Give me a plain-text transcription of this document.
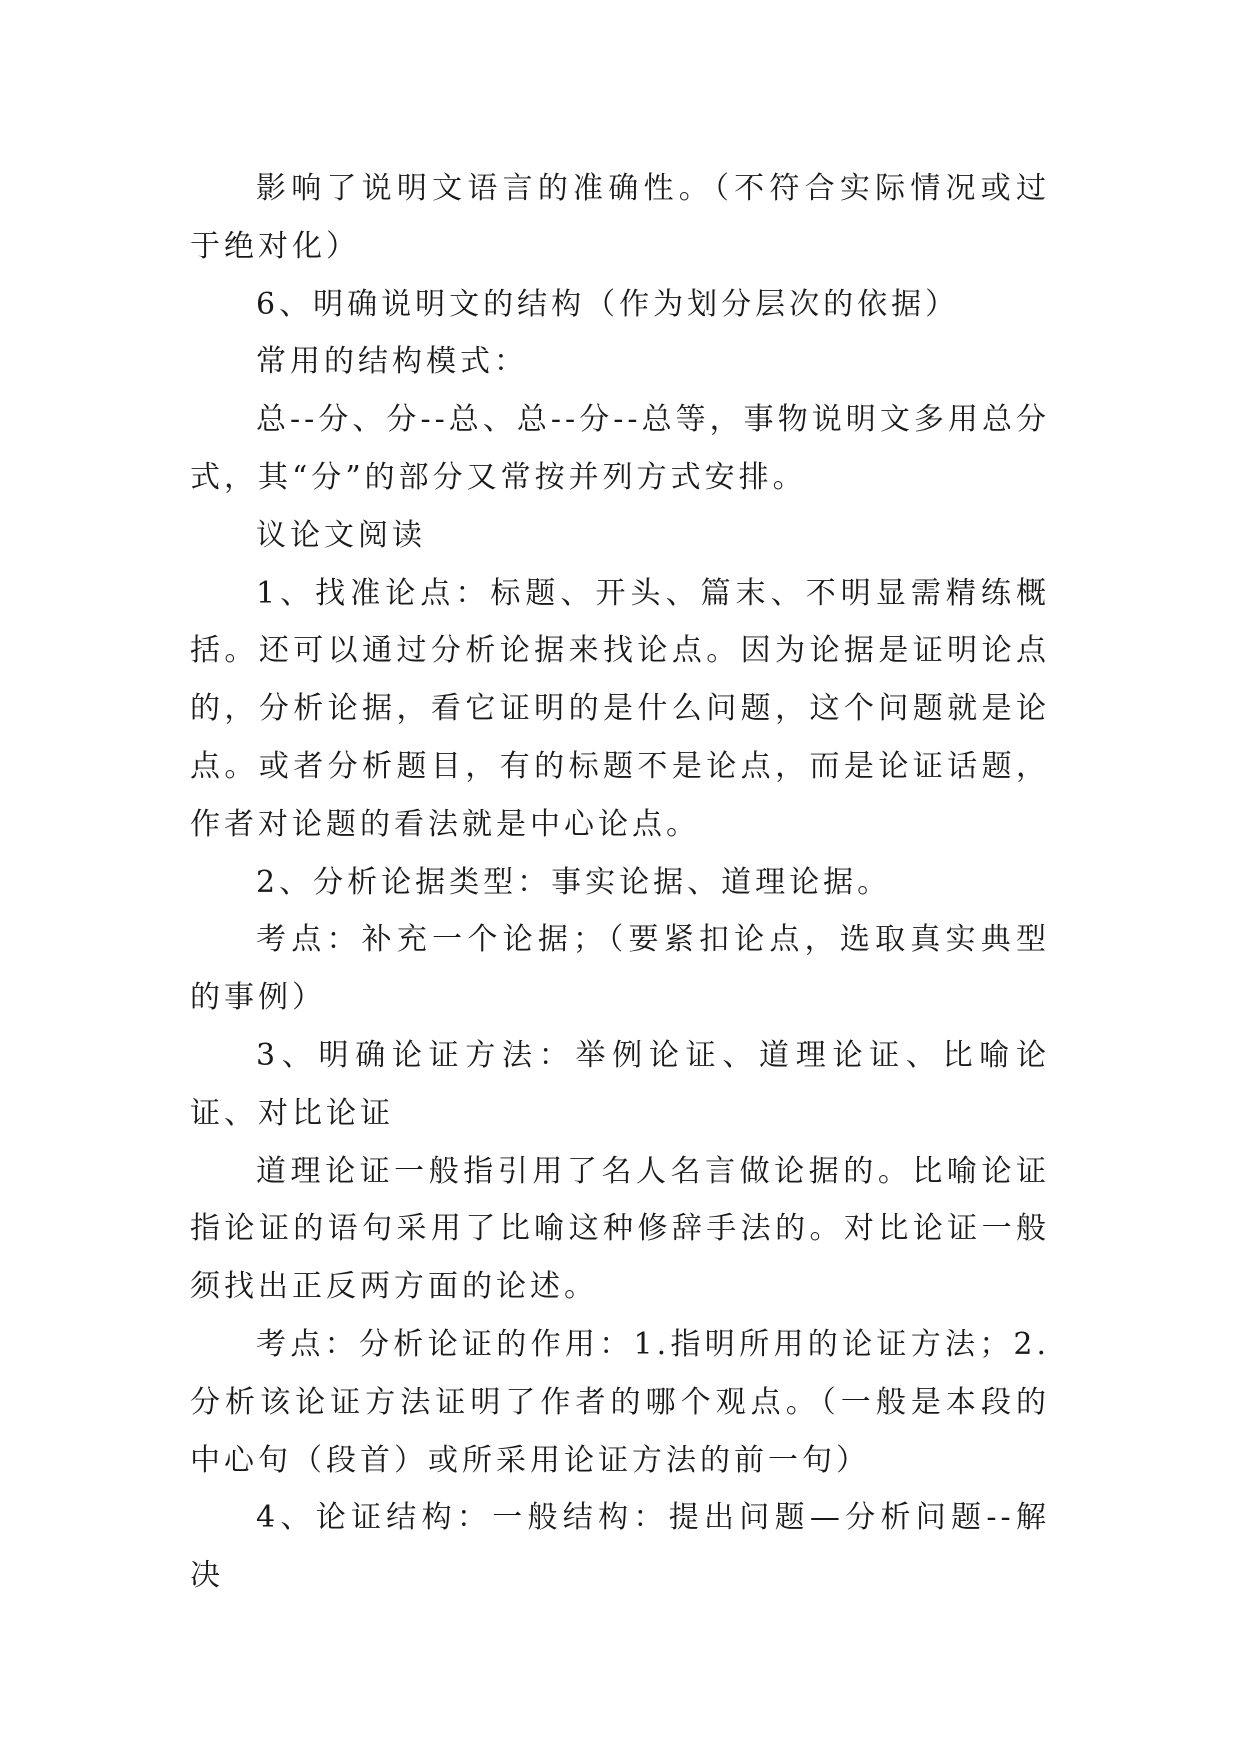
影响了说明文语言的准确性。（不符合实际情况或过于绝对化）

6、明确说明文的结构（作为划分层次的依据）

常用的结构模式：

总--分、分--总、总--分--总等，事物说明文多用总分式，其“分”的部分又常按并列方式安排。

议论文阅读

1、找准论点：标题、开头、篇末、不明显需精练概括。还可以通过分析论据来找论点。因为论据是证明论点的，分析论据，看它证明的是什么问题，这个问题就是论点。或者分析题目，有的标题不是论点，而是论证话题，作者对论题的看法就是中心论点。

2、分析论据类型：事实论据、道理论据。

考点：补充一个论据；（要紧扣论点，选取真实典型的事例）

3、明确论证方法：举例论证、道理论证、比喻论证、对比论证

道理论证一般指引用了名人名言做论据的。比喻论证指论证的语句采用了比喻这种修辞手法的。对比论证一般须找出正反两方面的论述。

考点：分析论证的作用：1.指明所用的论证方法；2.分析该论证方法证明了作者的哪个观点。（一般是本段的中心句（段首）或所采用论证方法的前一句）

4、论证结构：一般结构：提出问题—分析问题--解决
